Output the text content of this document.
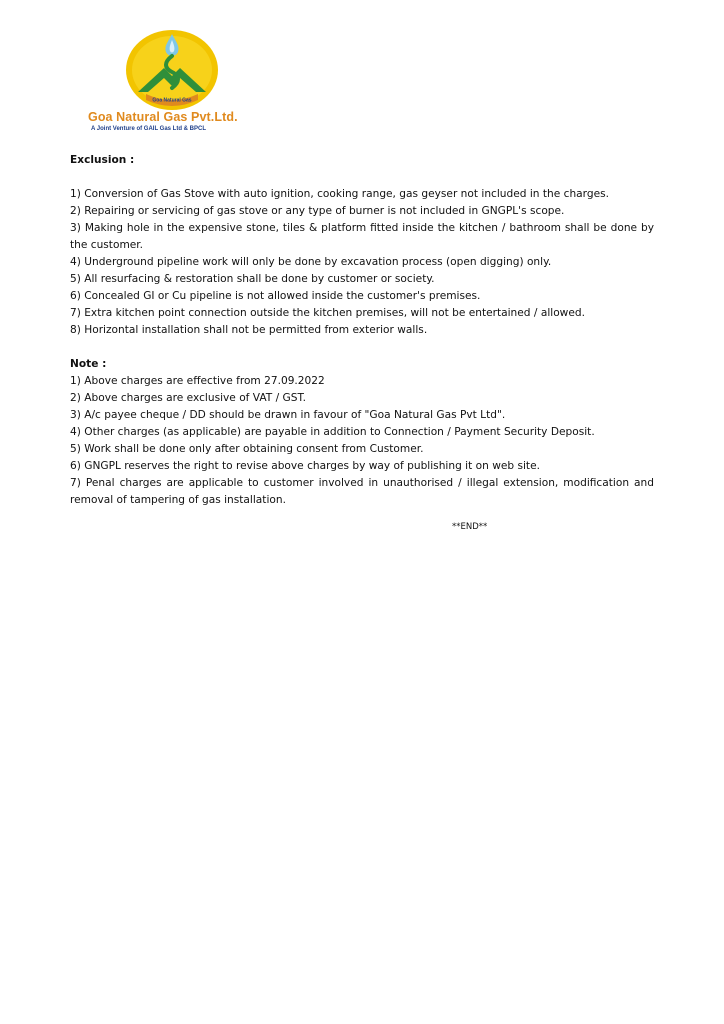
Goa Natural Gas
Goa Natural Gas Pvt.Ltd.
A Joint Venture of GAIL Gas Ltd & BPCL

Exclusion :

1) Conversion of Gas Stove with auto ignition, cooking range, gas geyser not included in the charges.
2) Repairing or servicing of gas stove or any type of burner is not included in GNGPL's scope.
3) Making hole in the expensive stone, tiles & platform fitted inside the kitchen / bathroom shall be done by the customer.
4) Underground pipeline work will only be done by excavation process (open digging) only.
5) All resurfacing & restoration shall be done by customer or society.
6) Concealed GI or Cu pipeline is not allowed inside the customer's premises.
7) Extra kitchen point connection outside the kitchen premises, will not be entertained / allowed.
8) Horizontal installation shall not be permitted from exterior walls.

Note :

1) Above charges are effective from 27.09.2022
2) Above charges are exclusive of VAT / GST.
3) A/c payee cheque / DD should be drawn in favour of "Goa Natural Gas Pvt Ltd".
4) Other charges (as applicable) are payable in addition to Connection / Payment Security Deposit.
5) Work shall be done only after obtaining consent from Customer.
6) GNGPL reserves the right to revise above charges by way of publishing it on web site.
7) Penal charges are applicable to customer involved in unauthorised / illegal extension, modification and removal of tampering of gas installation.
**END**
